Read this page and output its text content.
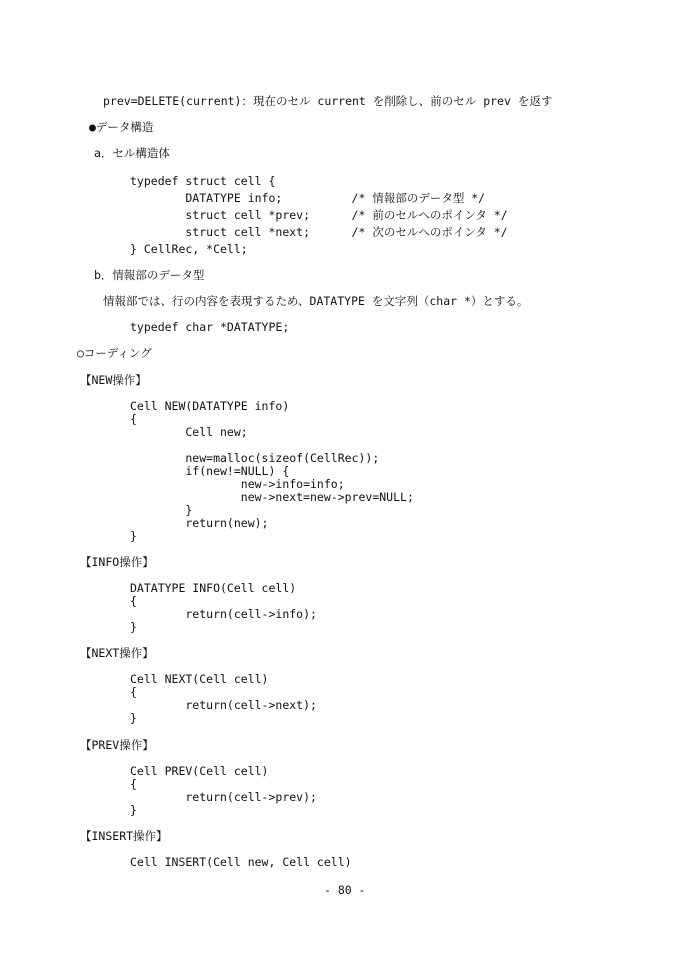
prev=DELETE(current)：現在のセル current を削除し、前のセル prev を返す
●データ構造
a．セル構造体
typedef struct cell {
DATATYPE info;          /* 情報部のデータ型 */
struct cell *prev;      /* 前のセルへのポインタ */
struct cell *next;      /* 次のセルへのポインタ */
} CellRec, *Cell;
b．情報部のデータ型
情報部では、行の内容を表現するため、DATATYPE を文字列（char *）とする。
typedef char *DATATYPE;
○コーディング
【NEW操作】
Cell NEW(DATATYPE info)
{
Cell new;
new=malloc(sizeof(CellRec));
if(new!=NULL) {
new->info=info;
new->next=new->prev=NULL;
}
return(new);
}
【INFO操作】
DATATYPE INFO(Cell cell)
{
return(cell->info);
}
【NEXT操作】
Cell NEXT(Cell cell)
{
return(cell->next);
}
【PREV操作】
Cell PREV(Cell cell)
{
return(cell->prev);
}
【INSERT操作】
Cell INSERT(Cell new, Cell cell)
- 80 -
